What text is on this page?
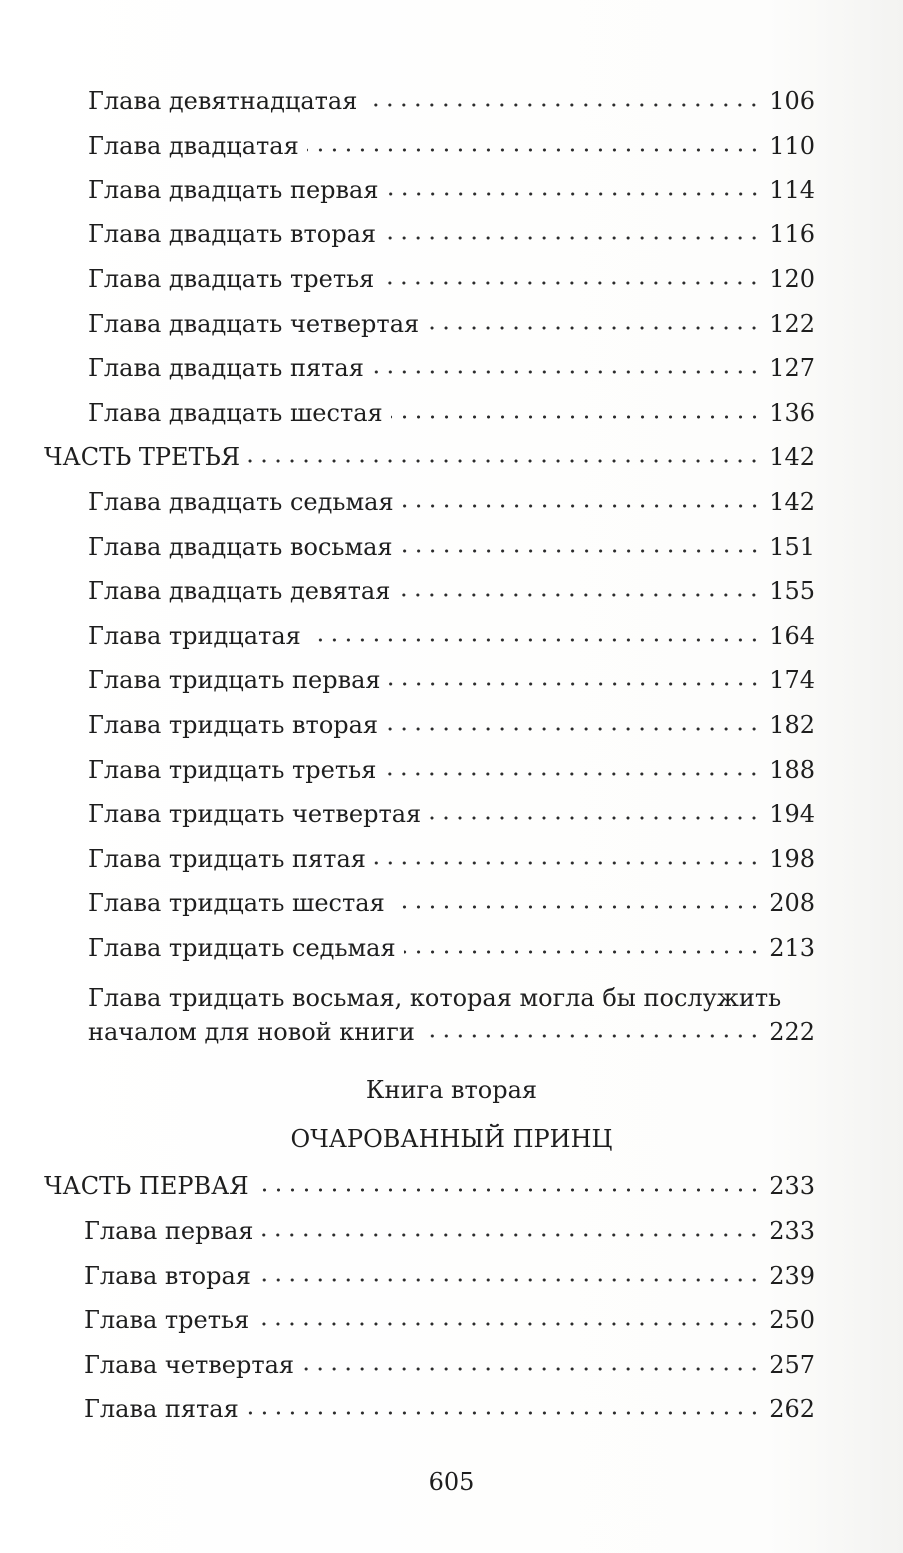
Глава девятнадцатая	106
Глава двадцатая	110
Глава двадцать первая	114
Глава двадцать вторая	116
Глава двадцать третья	120
Глава двадцать четвертая	122
Глава двадцать пятая	127
Глава двадцать шестая	136
ЧАСТЬ ТРЕТЬЯ	142
Глава двадцать седьмая	142
Глава двадцать восьмая	151
Глава двадцать девятая	155
Глава тридцатая	164
Глава тридцать первая	174
Глава тридцать вторая	182
Глава тридцать третья	188
Глава тридцать четвертая	194
Глава тридцать пятая	198
Глава тридцать шестая	208
Глава тридцать седьмая	213
Глава тридцать восьмая, которая могла бы послужить
началом для новой книги	222
Книга вторая
ОЧАРОВАННЫЙ ПРИНЦ
ЧАСТЬ ПЕРВАЯ	233
Глава первая	233
Глава вторая	239
Глава третья	250
Глава четвертая	257
Глава пятая	262
605
